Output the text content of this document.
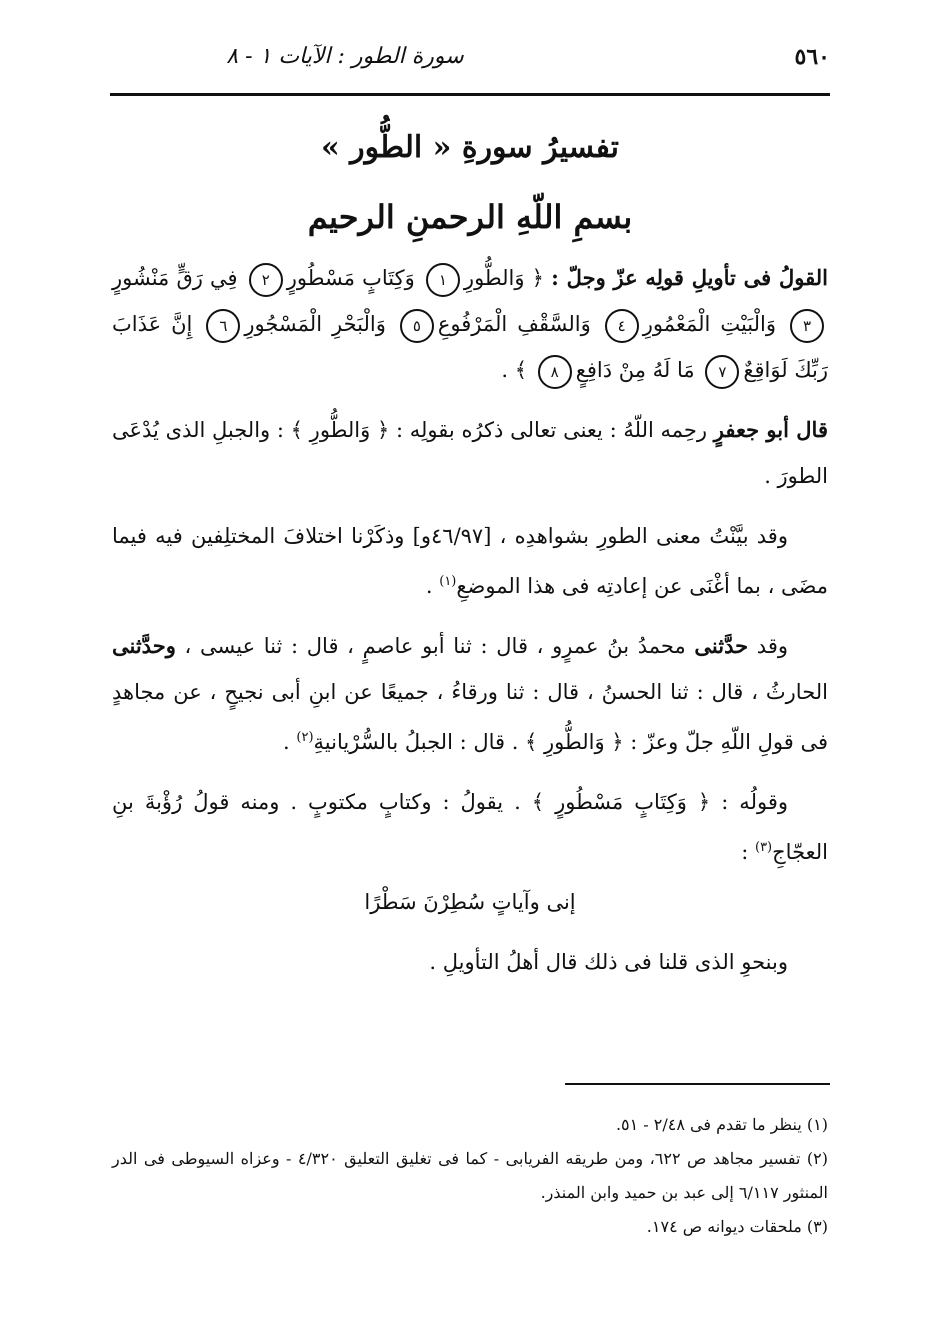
٥٦٠
سورة الطور : الآيات ١ - ٨
تفسيرُ سورةِ « الطُّور »
بسمِ اللّهِ الرحمنِ الرحيم

القولُ فى تأويلِ قولِه عزّ وجلّ : ﴿ وَالطُّورِ١ وَكِتَابٍ مَسْطُورٍ٢ فِي رَقٍّ مَنْشُورٍ٣ وَالْبَيْتِ الْمَعْمُورِ٤ وَالسَّقْفِ الْمَرْفُوعِ٥ وَالْبَحْرِ الْمَسْجُورِ٦ إِنَّ عَذَابَ رَبِّكَ لَوَاقِعٌ٧ مَا لَهُ مِنْ دَافِعٍ٨ ﴾ .

قال أبو جعفرٍ رحِمه اللّهُ : يعنى تعالى ذكرُه بقولِه : ﴿ وَالطُّورِ ﴾ : والجبلِ الذى يُدْعَى الطورَ .

وقد بيَّنْتُ معنى الطورِ بشواهدِه ، [٤٦/٩٧و] وذكَرْنا اختلافَ المختلِفين فيه فيما مضَى ، بما أغْنَى عن إعادتِه فى هذا الموضعِ$^{(١)}$ .

وقد حدَّثنى محمدُ بنُ عمرٍو ، قال : ثنا أبو عاصمٍ ، قال : ثنا عيسى ، وحدَّثنى الحارثُ ، قال : ثنا الحسنُ ، قال : ثنا ورقاءُ ، جميعًا عن ابنِ أبى نجيحٍ ، عن مجاهدٍ فى قولِ اللّهِ جلّ وعزّ : ﴿ وَالطُّورِ ﴾ . قال : الجبلُ بالسُّرْيانيةِ$^{(٢)}$ .

وقولُه : ﴿ وَكِتَابٍ مَسْطُورٍ ﴾ . يقولُ : وكتابٍ مكتوبٍ . ومنه قولُ رُؤْبةَ بنِ العجّاجِ$^{(٣)}$ :

إنى وآياتٍ سُطِرْنَ سَطْرًا

وبنحوِ الذى قلنا فى ذلك قال أهلُ التأويلِ .

(١) ينظر ما تقدم فى ٢/٤٨ - ٥١.

(٢) تفسير مجاهد ص ٦٢٢، ومن طريقه الفريابى - كما فى تغليق التعليق ٤/٣٢٠ - وعزاه السيوطى فى الدر المنثور ٦/١١٧ إلى عبد بن حميد وابن المنذر.

(٣) ملحقات ديوانه ص ١٧٤.
